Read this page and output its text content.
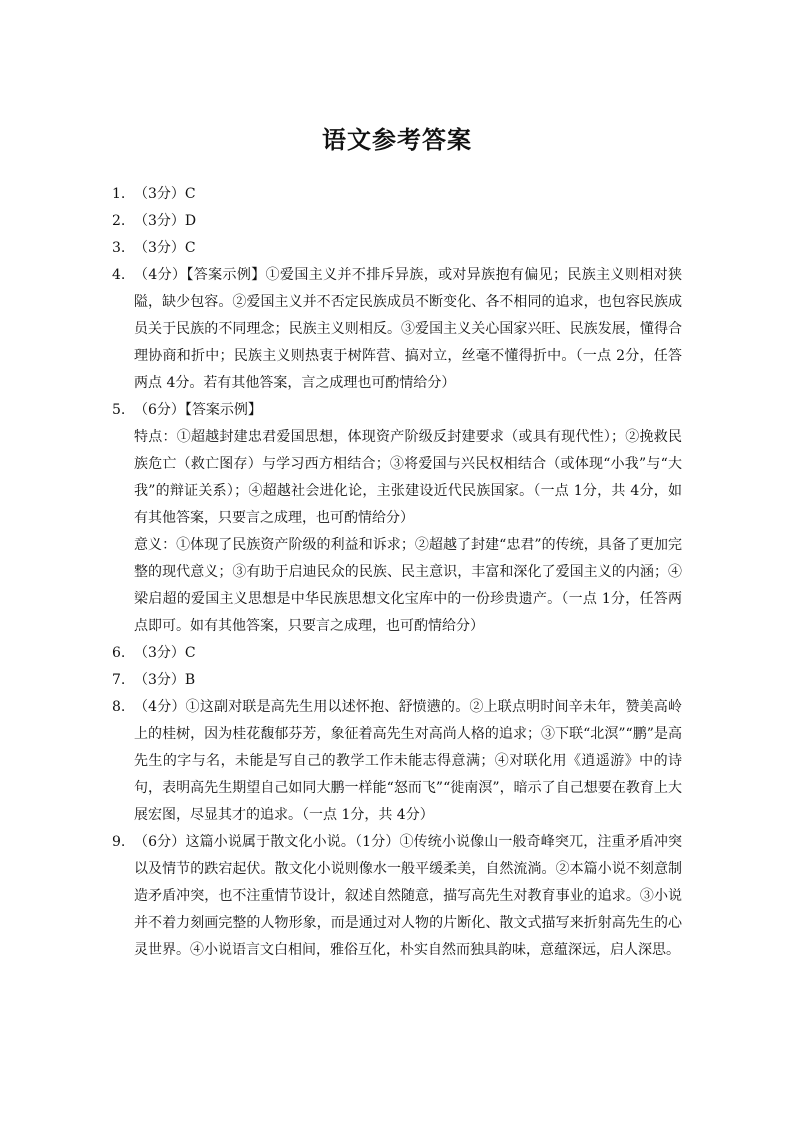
语文参考答案
1. （3分）C
2. （3分）D
3. （3分）C
4. （4分）【答案示例】①爱国主义并不排斥异族，或对异族抱有偏见；民族主义则相对狭隘，缺少包容。②爱国主义并不否定民族成员不断变化、各不相同的追求，也包容民族成员关于民族的不同理念；民族主义则相反。③爱国主义关心国家兴旺、民族发展，懂得合理协商和折中；民族主义则热衷于树阵营、搞对立，丝毫不懂得折中。（一点 2分，任答两点 4分。若有其他答案，言之成理也可酌情给分）
5. （6分）【答案示例】
特点：①超越封建忠君爱国思想，体现资产阶级反封建要求（或具有现代性）；②挽救民族危亡（救亡图存）与学习西方相结合；③将爱国与兴民权相结合（或体现“小我”与“大我”的辩证关系）；④超越社会进化论，主张建设近代民族国家。（一点 1分，共 4分，如有其他答案，只要言之成理，也可酌情给分）
意义：①体现了民族资产阶级的利益和诉求；②超越了封建“忠君”的传统，具备了更加完整的现代意义；③有助于启迪民众的民族、民主意识，丰富和深化了爱国主义的内涵；④梁启超的爱国主义思想是中华民族思想文化宝库中的一份珍贵遗产。（一点 1分，任答两点即可。如有其他答案，只要言之成理，也可酌情给分）
6. （3分）C
7. （3分）B
8. （4分）①这副对联是高先生用以述怀抱、舒愤懑的。②上联点明时间辛未年，赞美高岭上的桂树，因为桂花馥郁芬芳，象征着高先生对高尚人格的追求；③下联“北溟”“鹏”是高先生的字与名，未能是写自己的教学工作未能志得意满；④对联化用《逍遥游》中的诗句，表明高先生期望自己如同大鹏一样能“怒而飞”“徙南溟”，暗示了自己想要在教育上大展宏图，尽显其才的追求。（一点 1分，共 4分）
9. （6分）这篇小说属于散文化小说。（1分）①传统小说像山一般奇峰突兀，注重矛盾冲突以及情节的跌宕起伏。散文化小说则像水一般平缓柔美，自然流淌。②本篇小说不刻意制造矛盾冲突，也不注重情节设计，叙述自然随意，描写高先生对教育事业的追求。③小说并不着力刻画完整的人物形象，而是通过对人物的片断化、散文式描写来折射高先生的心灵世界。④小说语言文白相间，雅俗互化，朴实自然而独具韵味，意蕴深远，启人深思。
